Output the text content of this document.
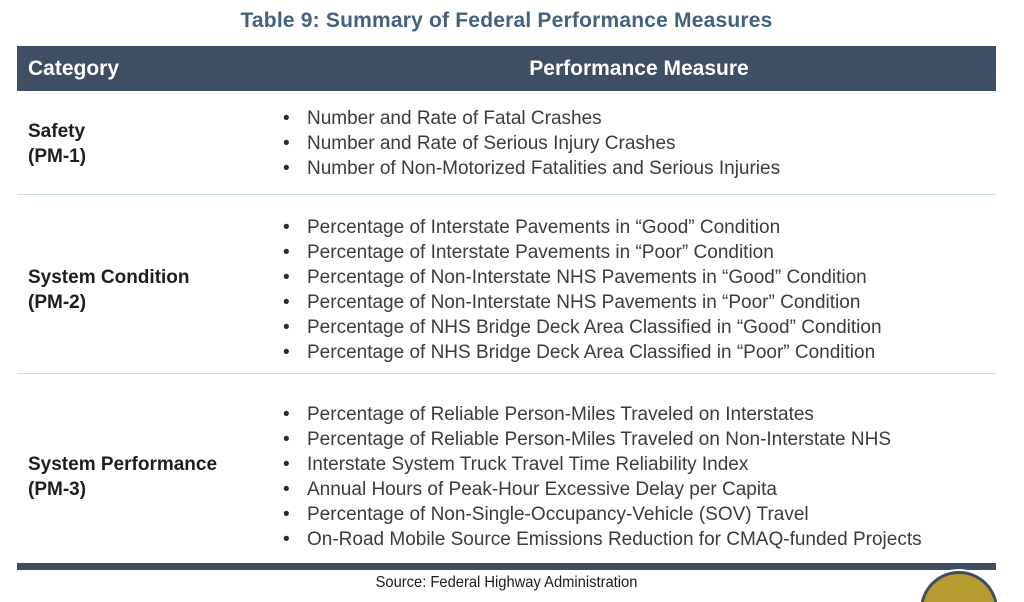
Table 9: Summary of Federal Performance Measures
Category	Performance Measure
Safety
(PM-1)
• Number and Rate of Fatal Crashes
• Number and Rate of Serious Injury Crashes
• Number of Non-Motorized Fatalities and Serious Injuries
System Condition
(PM-2)
• Percentage of Interstate Pavements in “Good” Condition
• Percentage of Interstate Pavements in “Poor” Condition
• Percentage of Non-Interstate NHS Pavements in “Good” Condition
• Percentage of Non-Interstate NHS Pavements in “Poor” Condition
• Percentage of NHS Bridge Deck Area Classified in “Good” Condition
• Percentage of NHS Bridge Deck Area Classified in “Poor” Condition
System Performance
(PM-3)
• Percentage of Reliable Person-Miles Traveled on Interstates
• Percentage of Reliable Person-Miles Traveled on Non-Interstate NHS
• Interstate System Truck Travel Time Reliability Index
• Annual Hours of Peak-Hour Excessive Delay per Capita
• Percentage of Non-Single-Occupancy-Vehicle (SOV) Travel
• On-Road Mobile Source Emissions Reduction for CMAQ-funded Projects
Source: Federal Highway Administration
